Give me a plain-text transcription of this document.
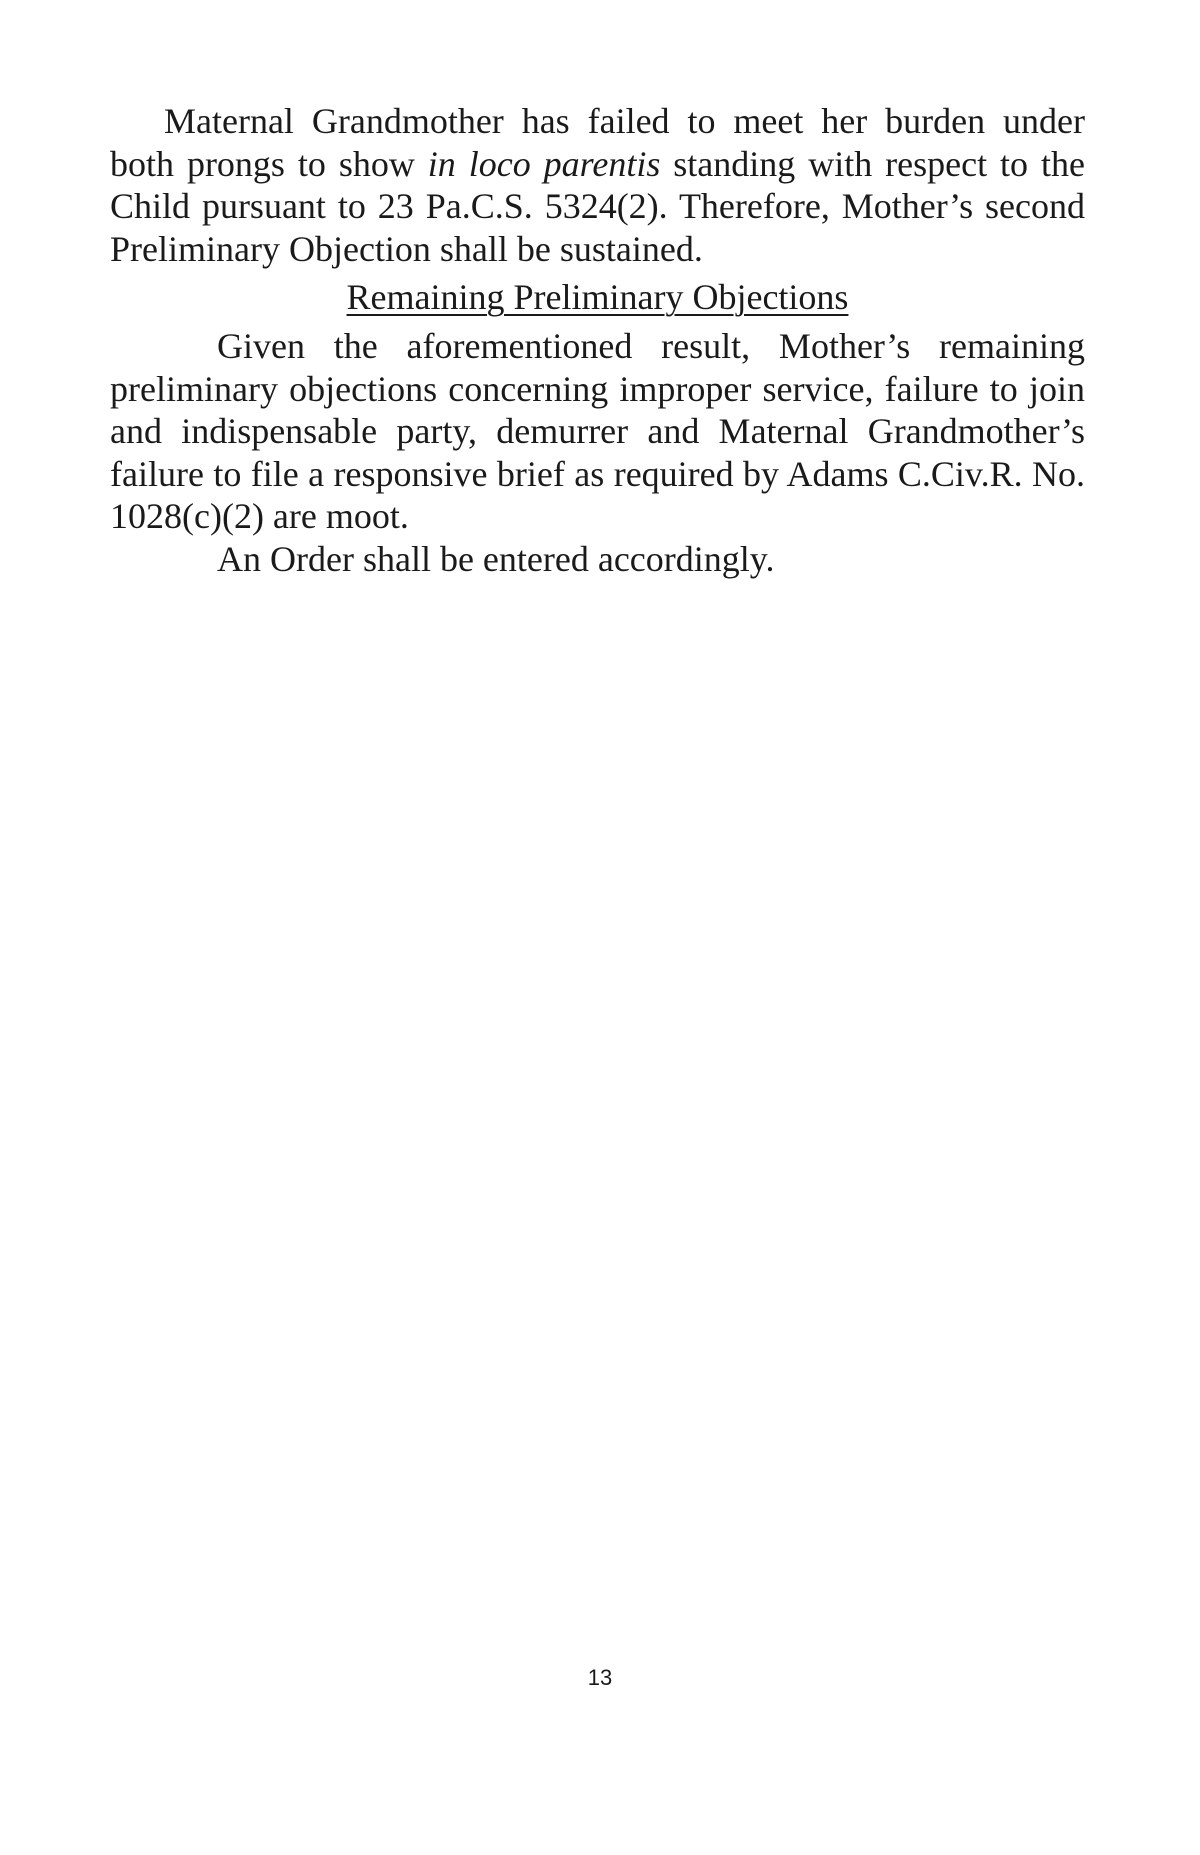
Maternal Grandmother has failed to meet her burden under both prongs to show in loco parentis standing with respect to the Child pursuant to 23 Pa.C.S. 5324(2). Therefore, Mother’s second Preliminary Objection shall be sustained.

Remaining Preliminary Objections

Given the aforementioned result, Mother’s remaining preliminary objections concerning improper service, failure to join and indispensable party, demurrer and Maternal Grandmother’s failure to file a responsive brief as required by Adams C.Civ.R. No. 1028(c)(2) are moot.

An Order shall be entered accordingly.

13
